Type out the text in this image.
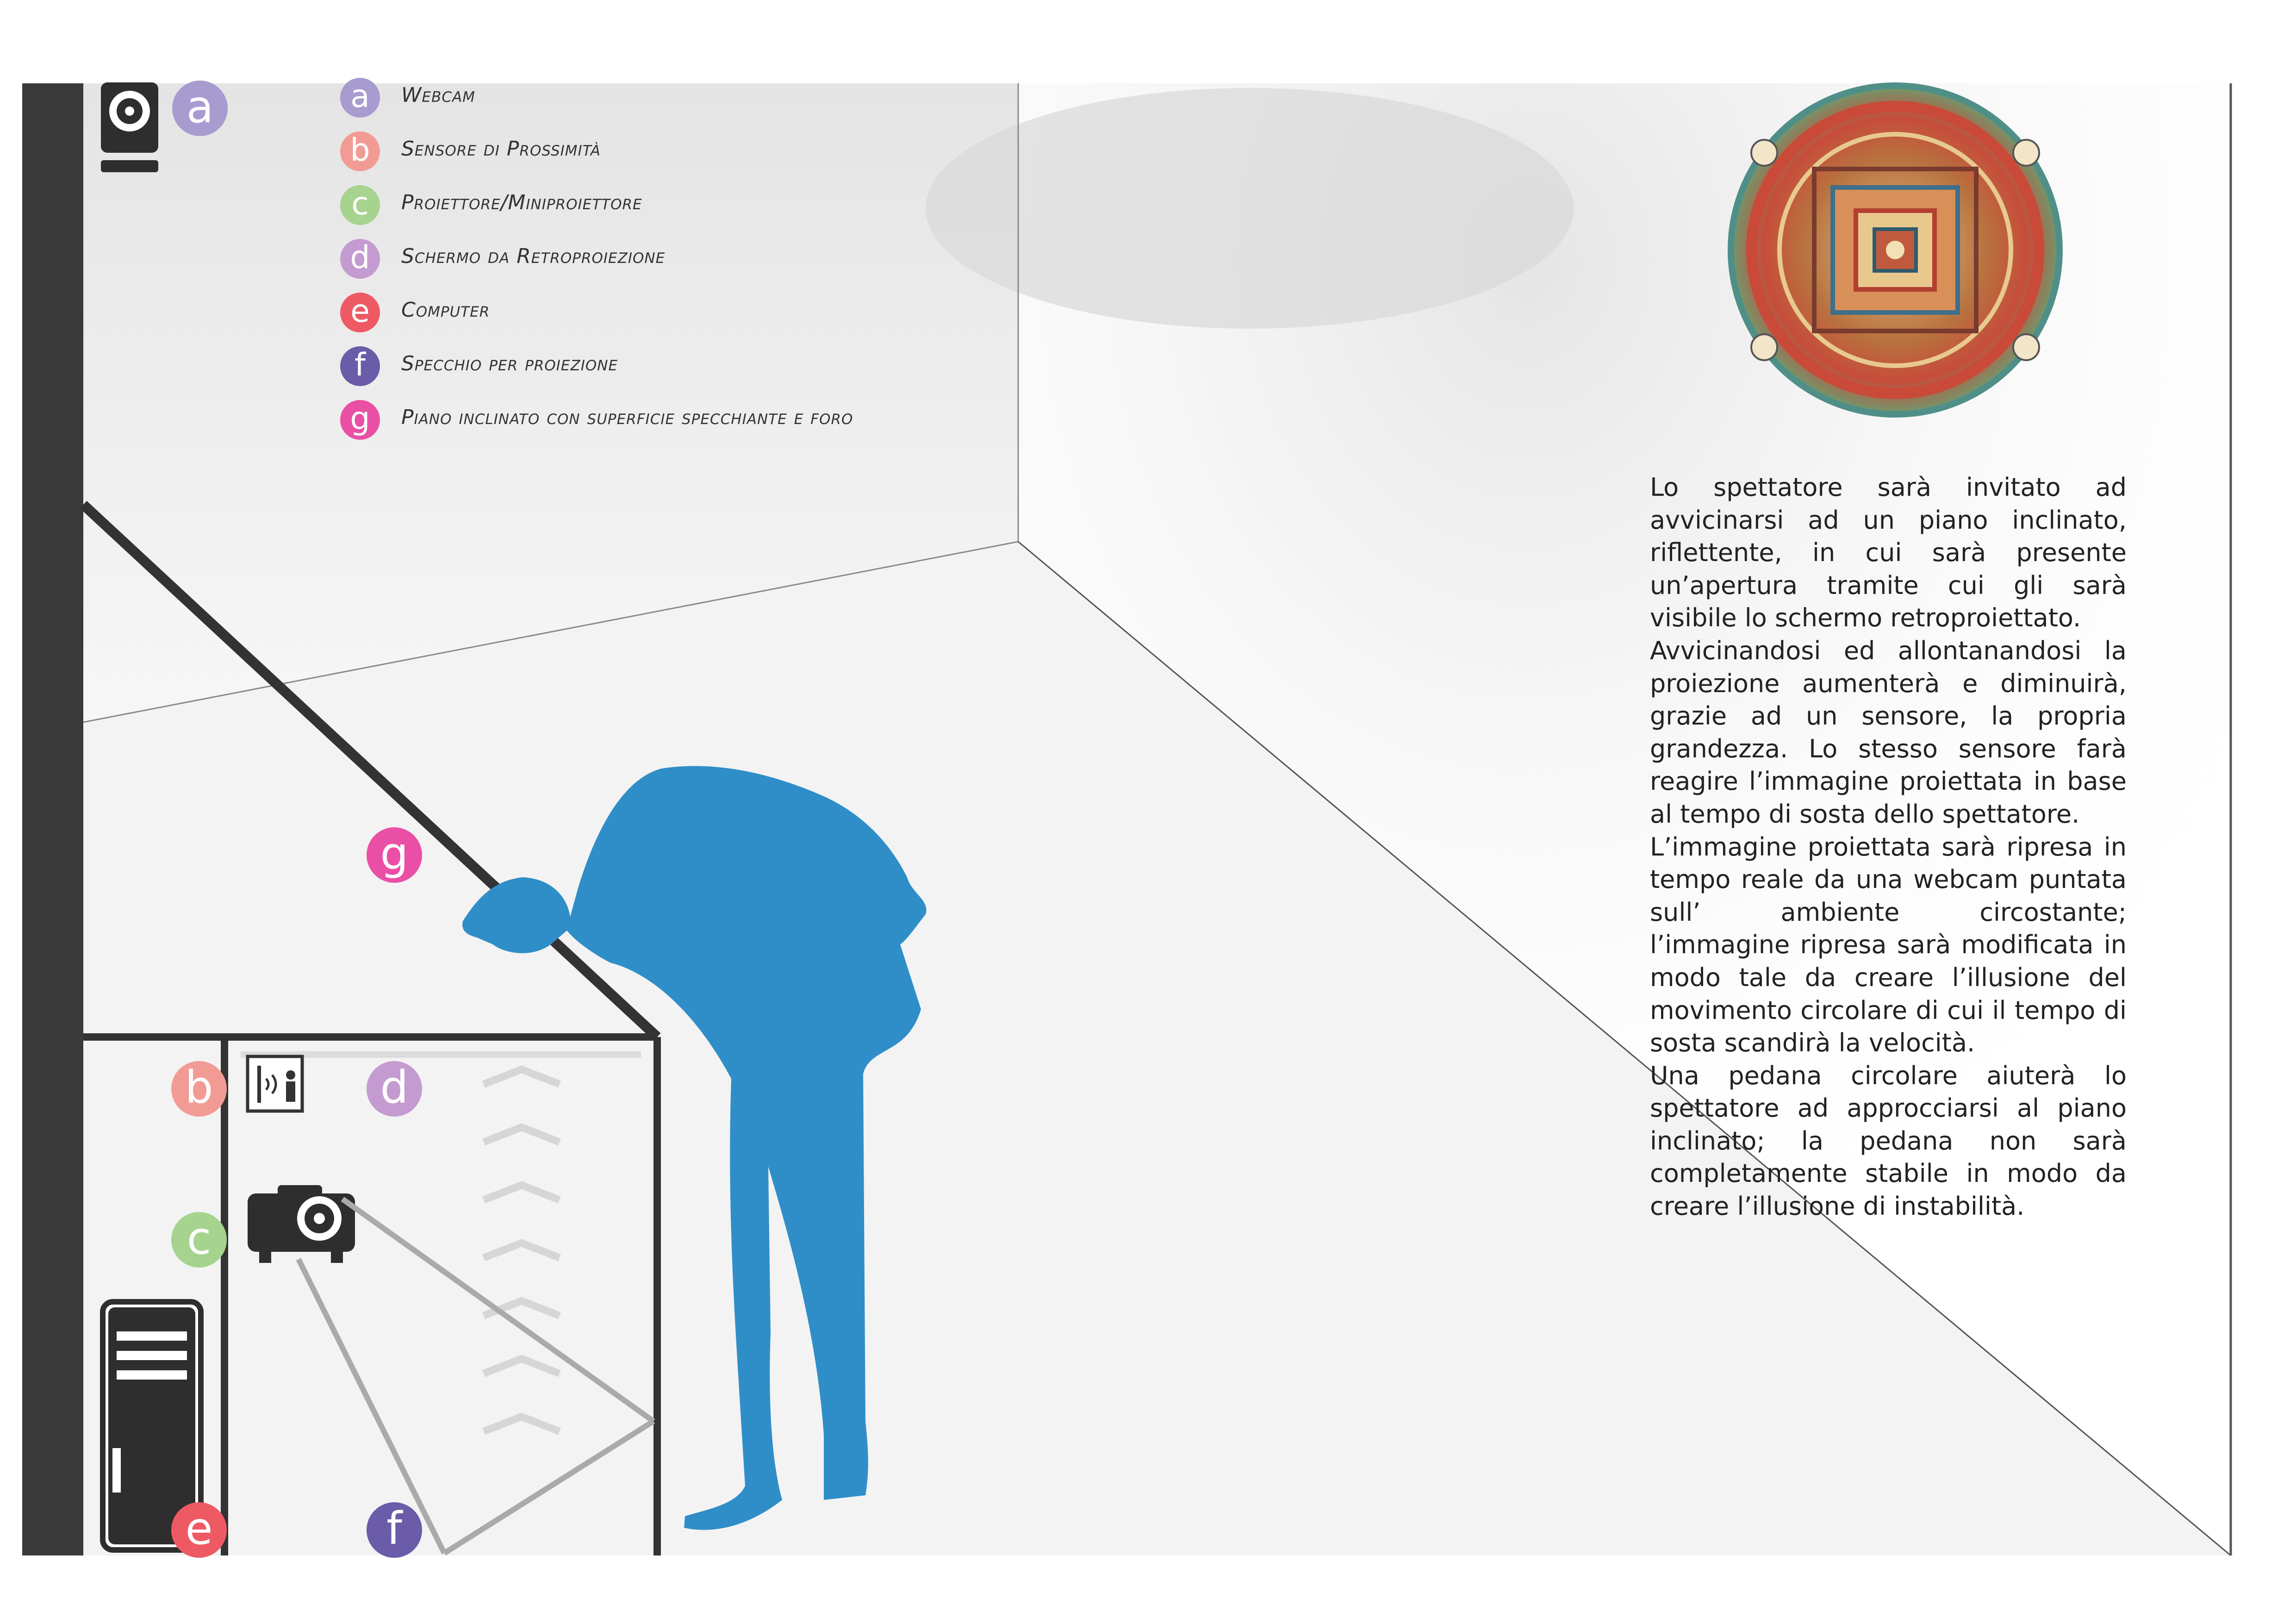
a
b	d
c
e	f
g
a	Webcam
b	Sensore di Prossimità
c	Proiettore/Miniproiettore
d	Schermo da Retroproiezione
e	Computer
f	Specchio per proiezione
g	Piano inclinato con superficie specchiante e foro

Lo spettatore sarà invitato ad avvicinarsi ad un piano inclinato, riflettente, in cui sarà presente un’apertura tramite cui gli sarà visibile lo schermo retroproiettato.

Avvicinandosi ed allontanandosi la proiezione aumenterà e diminuirà, grazie ad un sensore, la propria grandezza. Lo stesso sensore farà reagire l’immagine proiettata in base al tempo di sosta dello spettatore.

L’immagine proiettata sarà ripresa in tempo reale da una webcam puntata sull’ ambiente circostante; l’immagine ripresa sarà modificata in modo tale da creare l’illusione del movimento circolare di cui il tempo di sosta scandirà la velocità.

Una pedana circolare aiuterà lo spettatore ad approcciarsi al piano inclinato; la pedana non sarà completamente stabile in modo da creare l’illusione di instabilità.
